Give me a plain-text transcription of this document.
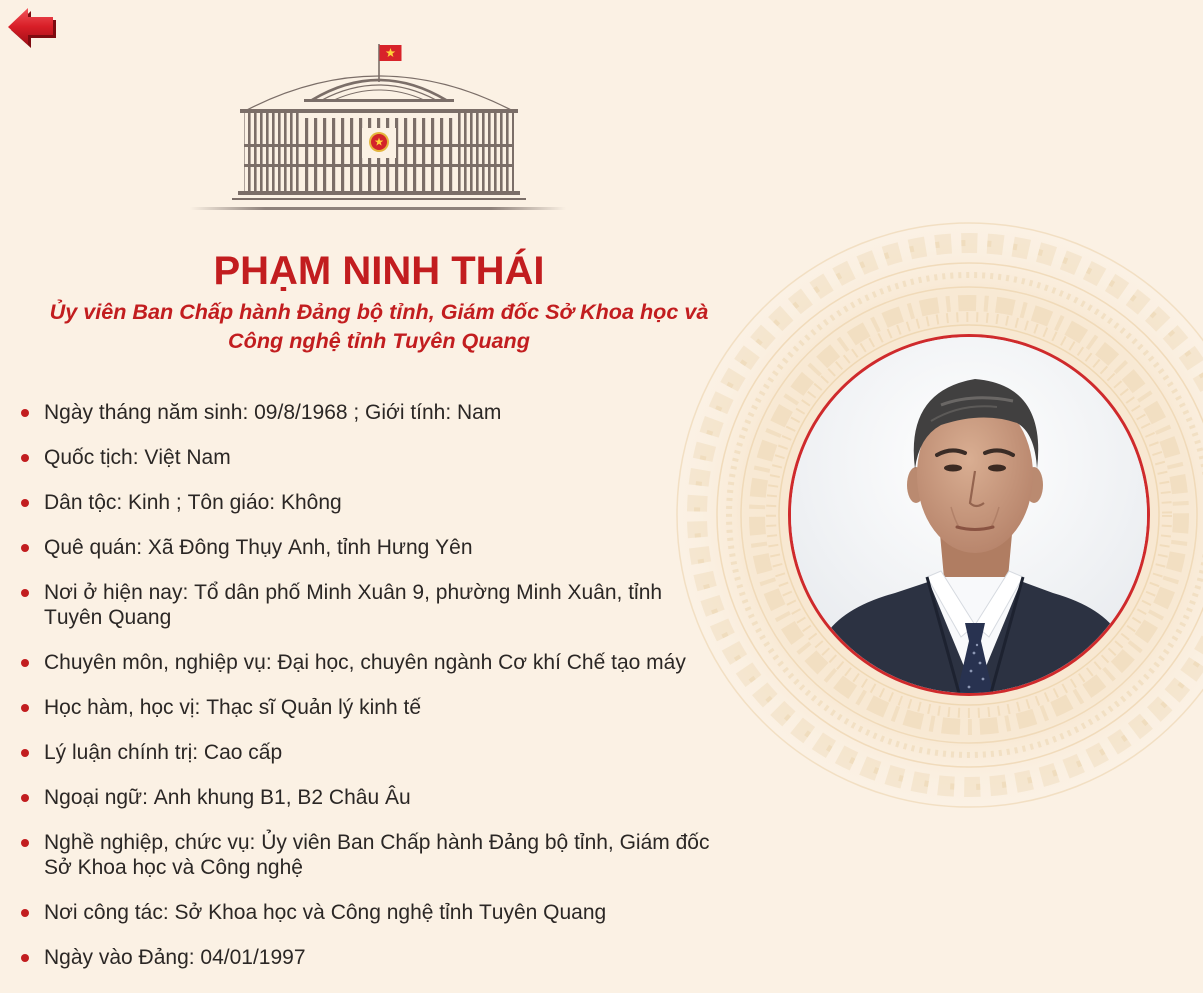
PHẠM NINH THÁI
Ủy viên Ban Chấp hành Đảng bộ tỉnh, Giám đốc Sở Khoa học và
Công nghệ tỉnh Tuyên Quang
Ngày tháng năm sinh: 09/8/1968 ; Giới tính: Nam
Quốc tịch: Việt Nam
Dân tộc: Kinh ; Tôn giáo: Không
Quê quán: Xã Đông Thụy Anh, tỉnh Hưng Yên
Nơi ở hiện nay: Tổ dân phố Minh Xuân 9, phường Minh Xuân, tỉnh Tuyên Quang
Chuyên môn, nghiệp vụ: Đại học, chuyên ngành Cơ khí Chế tạo máy
Học hàm, học vị: Thạc sĩ Quản lý kinh tế
Lý luận chính trị: Cao cấp
Ngoại ngữ: Anh khung B1, B2 Châu Âu
Nghề nghiệp, chức vụ: Ủy viên Ban Chấp hành Đảng bộ tỉnh, Giám đốc Sở Khoa học và Công nghệ
Nơi công tác: Sở Khoa học và Công nghệ tỉnh Tuyên Quang
Ngày vào Đảng: 04/01/1997
